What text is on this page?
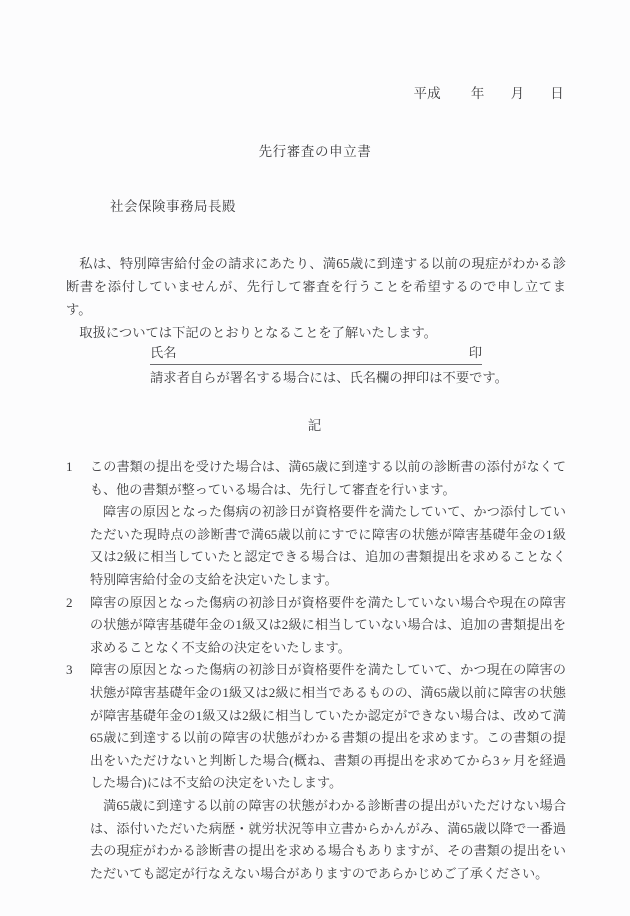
平成 年 月 日
先行審査の申立書
社会保険事務局長殿

私は、特別障害給付金の請求にあたり、満65歳に到達する以前の現症がわかる診断書を添付していませんが、先行して審査を行うことを希望するので申し立てます。

取扱については下記のとおりとなることを了解いたします。

氏名	印
請求者自らが署名する場合には、氏名欄の押印は不要です。
記
1	この書類の提出を受けた場合は、満65歳に到達する以前の診断書の添付がなくても、他の書類が整っている場合は、先行して審査を行います。

障害の原因となった傷病の初診日が資格要件を満たしていて、かつ添付していただいた現時点の診断書で満65歳以前にすでに障害の状態が障害基礎年金の1級又は2級に相当していたと認定できる場合は、追加の書類提出を求めることなく特別障害給付金の支給を決定いたします。

2	障害の原因となった傷病の初診日が資格要件を満たしていない場合や現在の障害の状態が障害基礎年金の1級又は2級に相当していない場合は、追加の書類提出を求めることなく不支給の決定をいたします。

3	障害の原因となった傷病の初診日が資格要件を満たしていて、かつ現在の障害の状態が障害基礎年金の1級又は2級に相当であるものの、満65歳以前に障害の状態が障害基礎年金の1級又は2級に相当していたか認定ができない場合は、改めて満65歳に到達する以前の障害の状態がわかる書類の提出を求めます。この書類の提出をいただけないと判断した場合(概ね、書類の再提出を求めてから3ヶ月を経過した場合)には不支給の決定をいたします。

満65歳に到達する以前の障害の状態がわかる診断書の提出がいただけない場合は、添付いただいた病歴・就労状況等申立書からかんがみ、満65歳以降で一番過去の現症がわかる診断書の提出を求める場合もありますが、その書類の提出をいただいても認定が行なえない場合がありますのであらかじめご了承ください。
